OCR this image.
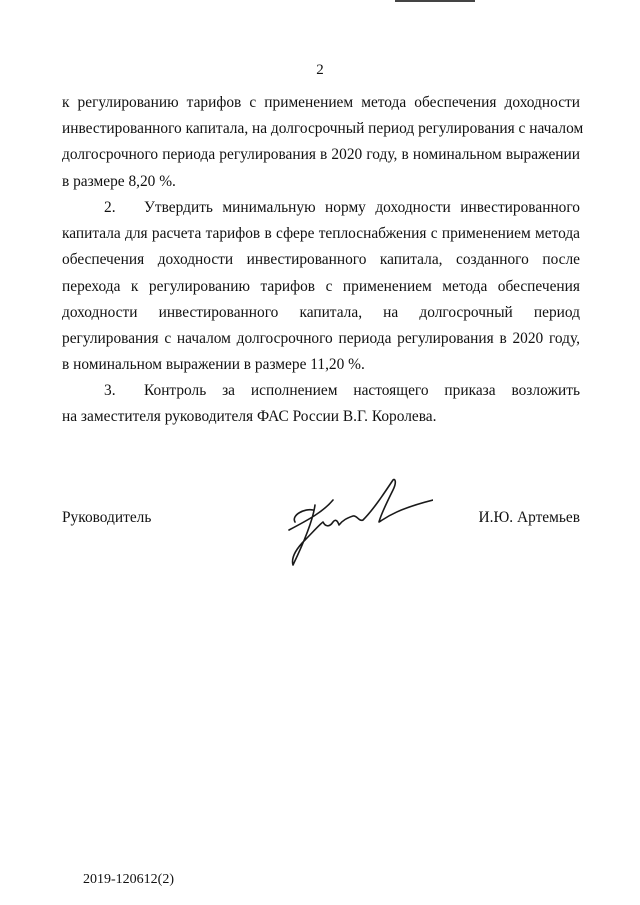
2
к регулированию тарифов с применением метода обеспечения доходности
инвестированного капитала, на долгосрочный период регулирования с началом
долгосрочного периода регулирования в 2020 году, в номинальном выражении
в размере 8,20 %.
2. Утвердить минимальную норму доходности инвестированного
капитала для расчета тарифов в сфере теплоснабжения с применением метода
обеспечения доходности инвестированного капитала, созданного после
перехода к регулированию тарифов с применением метода обеспечения
доходности инвестированного капитала, на долгосрочный период
регулирования с началом долгосрочного периода регулирования в 2020 году,
в номинальном выражении в размере 11,20 %.
3. Контроль за исполнением настоящего приказа возложить
на заместителя руководителя ФАС России В.Г. Королева.
Руководитель	И.Ю. Артемьев
2019-120612(2)
